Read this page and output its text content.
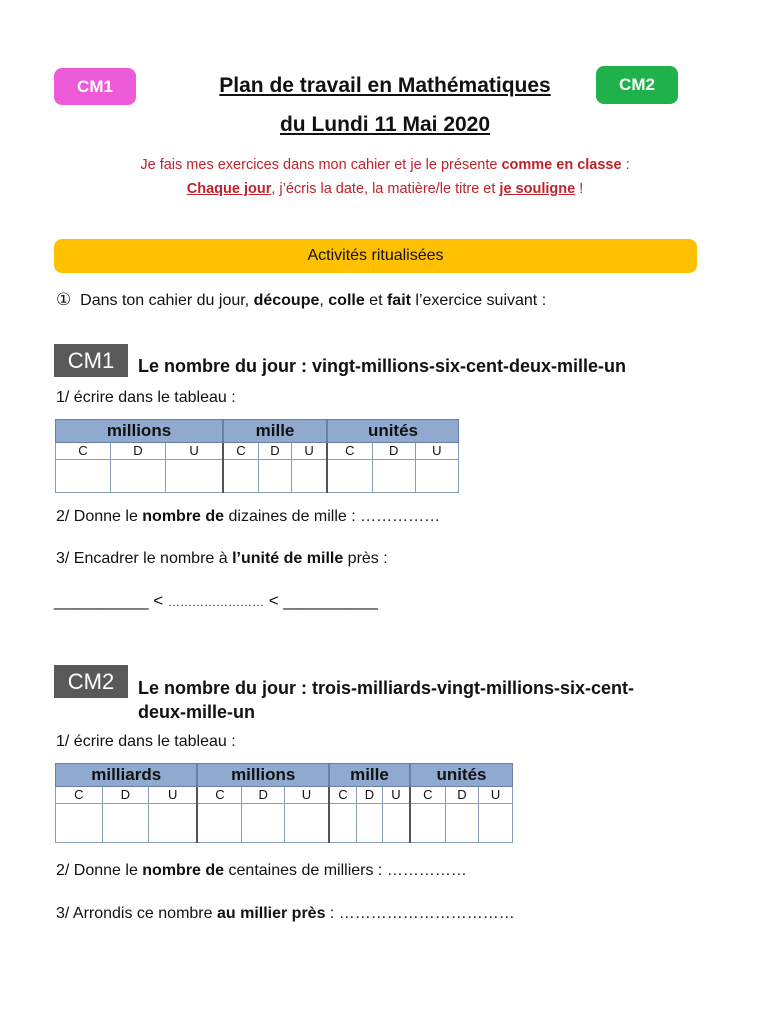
CM1	CM2
Plan de travail en Mathématiques
du Lundi 11 Mai 2020
Je fais mes exercices dans mon cahier et je le présente comme en classe :
Chaque jour, j’écris la date, la matière/le titre et je souligne !
Activités ritualisées
① Dans ton cahier du jour, découpe, colle et fait l’exercice suivant :
CM1	Le nombre du jour : vingt-millions-six-cent-deux-mille-un
1/ écrire dans le tableau :
millions			mille			unités		
C	D	U	C	D	U	C	D	U

2/ Donne le nombre de dizaines de mille : ……………
3/ Encadrer le nombre à l’unité de mille près :
__________ < …………………… < __________
CM2	Le nombre du jour : trois-milliards-vingt-millions-six-cent-
deux-mille-un
1/ écrire dans le tableau :
milliards			millions			mille			unités		
C	D	U	C	D	U	C	D	U	C	D	U

2/ Donne le nombre de centaines de milliers : ……………
3/ Arrondis ce nombre au millier près : ……………………………
